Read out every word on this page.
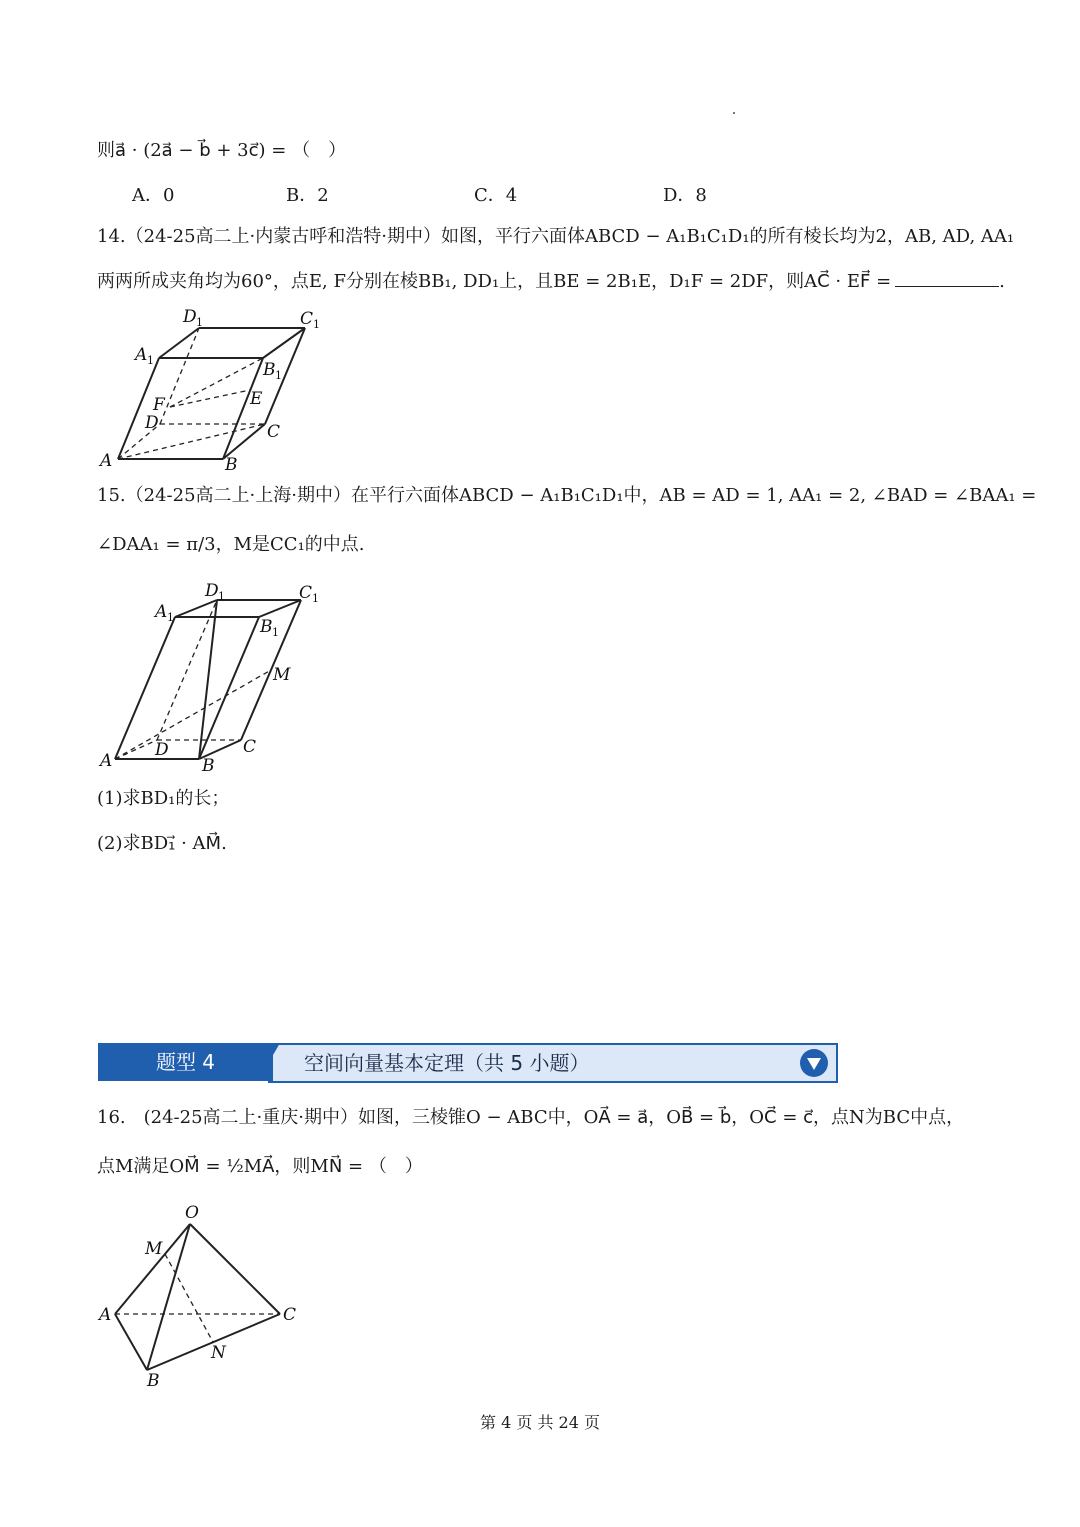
则a⃗ · (2a⃗ − b⃗ + 3c⃗) = （　）
A．0	B．2	C．4	D．8
14.（24-25高二上·内蒙古呼和浩特·期中）如图，平行六面体ABCD − A₁B₁C₁D₁的所有棱长均为2，AB, AD, AA₁
两两所成夹角均为60°，点E, F分别在棱BB₁, DD₁上，且BE = 2B₁E，D₁F = 2DF，则AC⃗ · EF⃗ =	.
D 1	C 1
A 1	B 1
E
F
D	C
A	B
15.（24-25高二上·上海·期中）在平行六面体ABCD − A₁B₁C₁D₁中，AB = AD = 1, AA₁ = 2, ∠BAD = ∠BAA₁ =
∠DAA₁ = π/3，M是CC₁的中点.
D 1	C 1
A 1	B 1
M
D	C
A	B
(1)求BD₁的长；
(2)求BD₁⃗ · AM⃗.
空间向量基本定理（共 5 小题）
题型 4
16.　(24-25高二上·重庆·期中）如图，三棱锥O − ABC中，OA⃗ = a⃗，OB⃗ = b⃗，OC⃗ = c⃗，点N为BC中点，
点M满足OM⃗ = ½MA⃗，则MN⃗ = （　）
O
M
A	C
N
B
第 4 页 共 24 页
